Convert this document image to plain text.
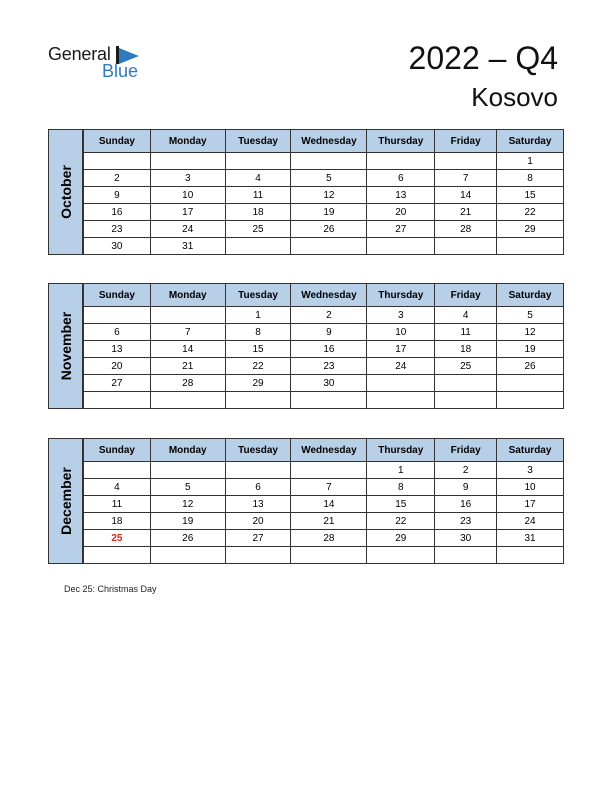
General
Blue	2022 – Q4
Kosovo
October
Sunday	Monday	Tuesday	Wednesday	Thursday	Friday	Saturday
						1
2	3	4	5	6	7	8
9	10	11	12	13	14	15
16	17	18	19	20	21	22
23	24	25	26	27	28	29
30	31					
November
Sunday	Monday	Tuesday	Wednesday	Thursday	Friday	Saturday
		1	2	3	4	5
6	7	8	9	10	11	12
13	14	15	16	17	18	19
20	21	22	23	24	25	26
27	28	29	30			

December
Sunday	Monday	Tuesday	Wednesday	Thursday	Friday	Saturday
				1	2	3
4	5	6	7	8	9	10
11	12	13	14	15	16	17
18	19	20	21	22	23	24
25	26	27	28	29	30	31

Dec 25: Christmas Day
